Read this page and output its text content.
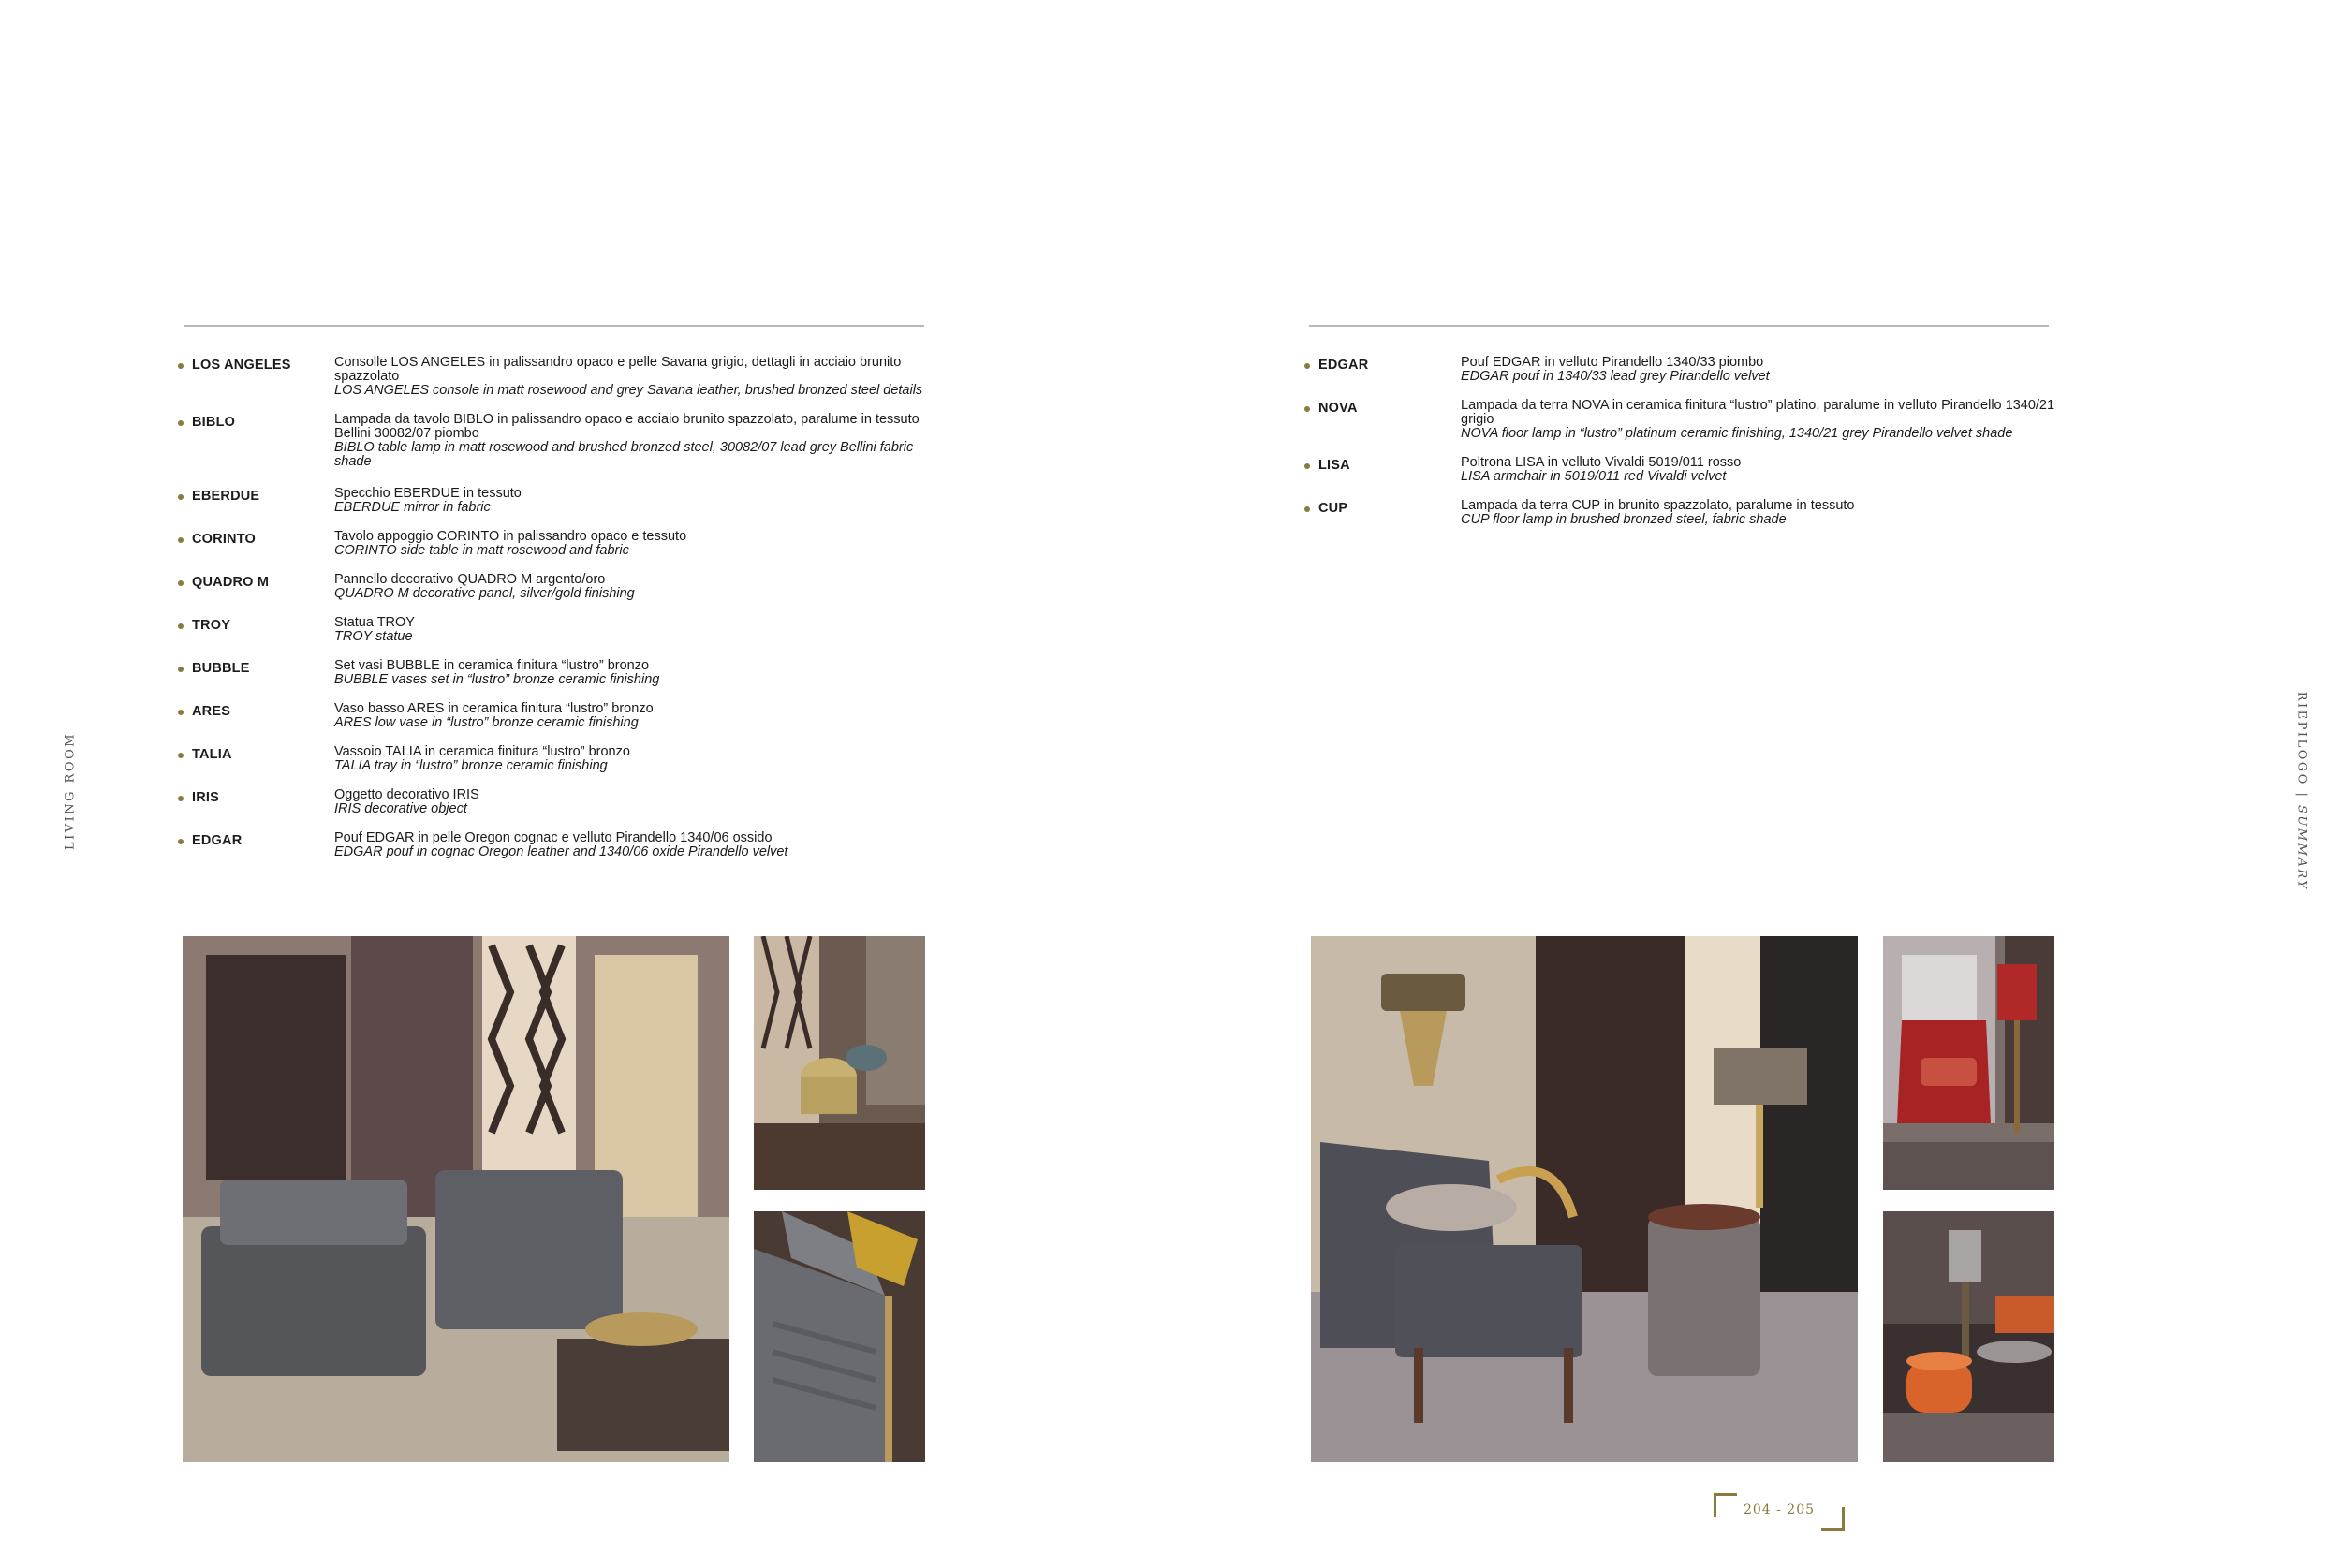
LIVING ROOM	RIEPILOGO | SUMMARY
LOS ANGELES	Consolle LOS ANGELES in palissandro opaco e pelle Savana grigio, dettagli in acciaio brunito spazzolato
LOS ANGELES console in matt rosewood and grey Savana leather, brushed bronzed steel details
BIBLO	Lampada da tavolo BIBLO in palissandro opaco e acciaio brunito spazzolato, paralume in tessuto Bellini 30082/07 piombo
BIBLO table lamp in matt rosewood and brushed bronzed steel, 30082/07 lead grey Bellini fabric shade
EBERDUE	Specchio EBERDUE in tessuto
EBERDUE mirror in fabric
CORINTO	Tavolo appoggio CORINTO in palissandro opaco e tessuto
CORINTO side table in matt rosewood and fabric
QUADRO M	Pannello decorativo QUADRO M argento/oro
QUADRO M decorative panel, silver/gold finishing
TROY	Statua TROY
TROY statue
BUBBLE	Set vasi BUBBLE in ceramica finitura “lustro” bronzo
BUBBLE vases set in “lustro” bronze ceramic finishing
ARES	Vaso basso ARES in ceramica finitura “lustro” bronzo
ARES low vase in “lustro” bronze ceramic finishing
TALIA	Vassoio TALIA in ceramica finitura “lustro” bronzo
TALIA tray in “lustro” bronze ceramic finishing
IRIS	Oggetto decorativo IRIS
IRIS decorative object
EDGAR	Pouf EDGAR in pelle Oregon cognac e velluto Pirandello 1340/06 ossido
EDGAR pouf in cognac Oregon leather and 1340/06 oxide Pirandello velvet
EDGAR	Pouf EDGAR in velluto Pirandello 1340/33 piombo
EDGAR pouf in 1340/33 lead grey Pirandello velvet
NOVA	Lampada da terra NOVA in ceramica finitura “lustro” platino, paralume in velluto Pirandello 1340/21 grigio
NOVA floor lamp in “lustro” platinum ceramic finishing, 1340/21 grey Pirandello velvet shade
LISA	Poltrona LISA in velluto Vivaldi 5019/011 rosso
LISA armchair in 5019/011 red Vivaldi velvet
CUP	Lampada da terra CUP in brunito spazzolato, paralume in tessuto
CUP floor lamp in brushed bronzed steel, fabric shade
204 - 205
